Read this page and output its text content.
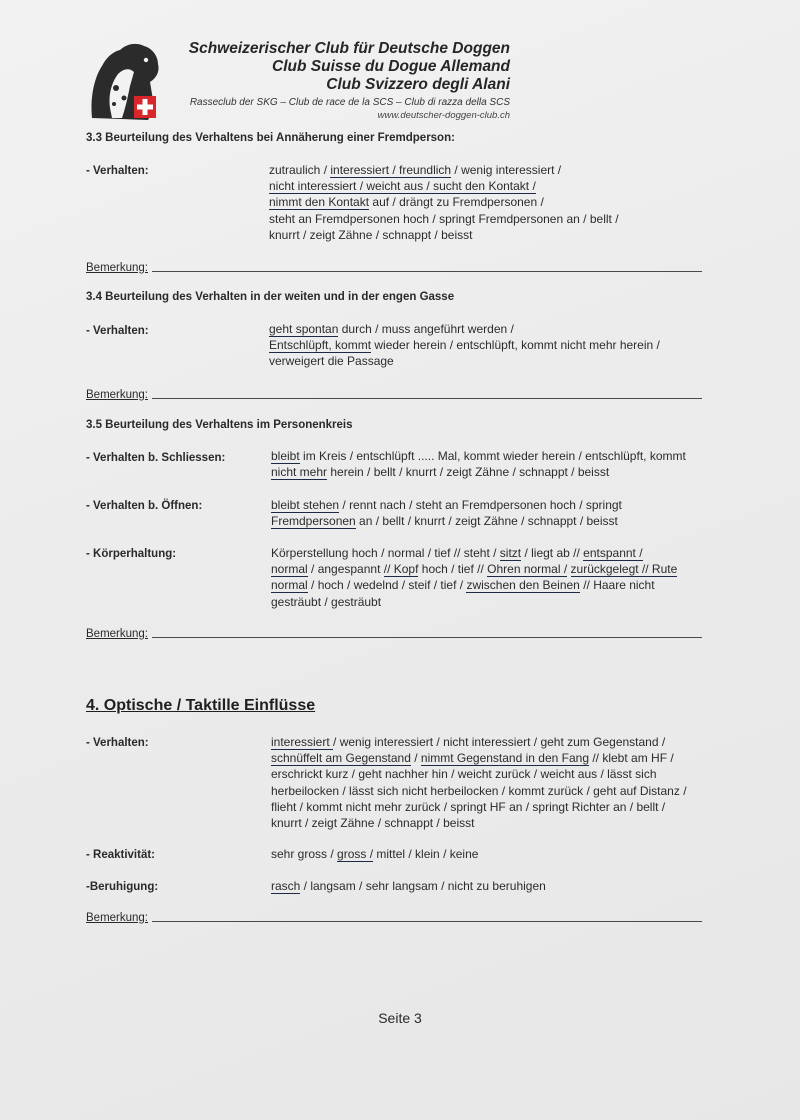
Schweizerischer Club für Deutsche Doggen
Club Suisse du Dogue Allemand
Club Svizzero degli Alani
Rasseclub der SKG – Club de race de la SCS – Club di razza della SCS
www.deutscher-doggen-club.ch
3.3 Beurteilung des Verhaltens bei Annäherung einer Fremdperson:
- Verhalten:	zutraulich / interessiert / freundlich / wenig interessiert /
nicht interessiert / weicht aus / sucht den Kontakt /
nimmt den Kontakt auf / drängt zu Fremdpersonen /
steht an Fremdpersonen hoch / springt Fremdpersonen an / bellt /
knurrt / zeigt Zähne / schnappt / beisst
Bemerkung:
3.4 Beurteilung des Verhalten in der weiten und in der engen Gasse
- Verhalten:	geht spontan durch / muss angeführt werden /
Entschlüpft, kommt wieder herein / entschlüpft, kommt nicht mehr herein /
verweigert die Passage
Bemerkung:
3.5 Beurteilung des Verhaltens im Personenkreis
- Verhalten b. Schliessen:	bleibt im Kreis / entschlüpft ..... Mal, kommt wieder herein / entschlüpft, kommt
nicht mehr herein / bellt / knurrt / zeigt Zähne / schnappt / beisst
- Verhalten b. Öffnen:	bleibt stehen / rennt nach / steht an Fremdpersonen hoch / springt
Fremdpersonen an / bellt / knurrt / zeigt Zähne / schnappt / beisst
- Körperhaltung:	Körperstellung hoch / normal / tief // steht / sitzt / liegt ab // entspannt /
normal / angespannt // Kopf hoch / tief // Ohren normal / zurückgelegt // Rute
normal / hoch / wedelnd / steif / tief / zwischen den Beinen // Haare nicht
gesträubt / gesträubt
Bemerkung:
4. Optische / Taktille Einflüsse
- Verhalten:	interessiert / wenig interessiert / nicht interessiert / geht zum Gegenstand /
schnüffelt am Gegenstand / nimmt Gegenstand in den Fang // klebt am HF /
erschrickt kurz / geht nachher hin / weicht zurück / weicht aus / lässt sich
herbeilocken / lässt sich nicht herbeilocken / kommt zurück / geht auf Distanz /
flieht / kommt nicht mehr zurück / springt HF an / springt Richter an / bellt /
knurrt / zeigt Zähne / schnappt / beisst
- Reaktivität:	sehr gross / gross / mittel / klein / keine
-Beruhigung:	rasch / langsam / sehr langsam / nicht zu beruhigen
Bemerkung:
Seite 3
